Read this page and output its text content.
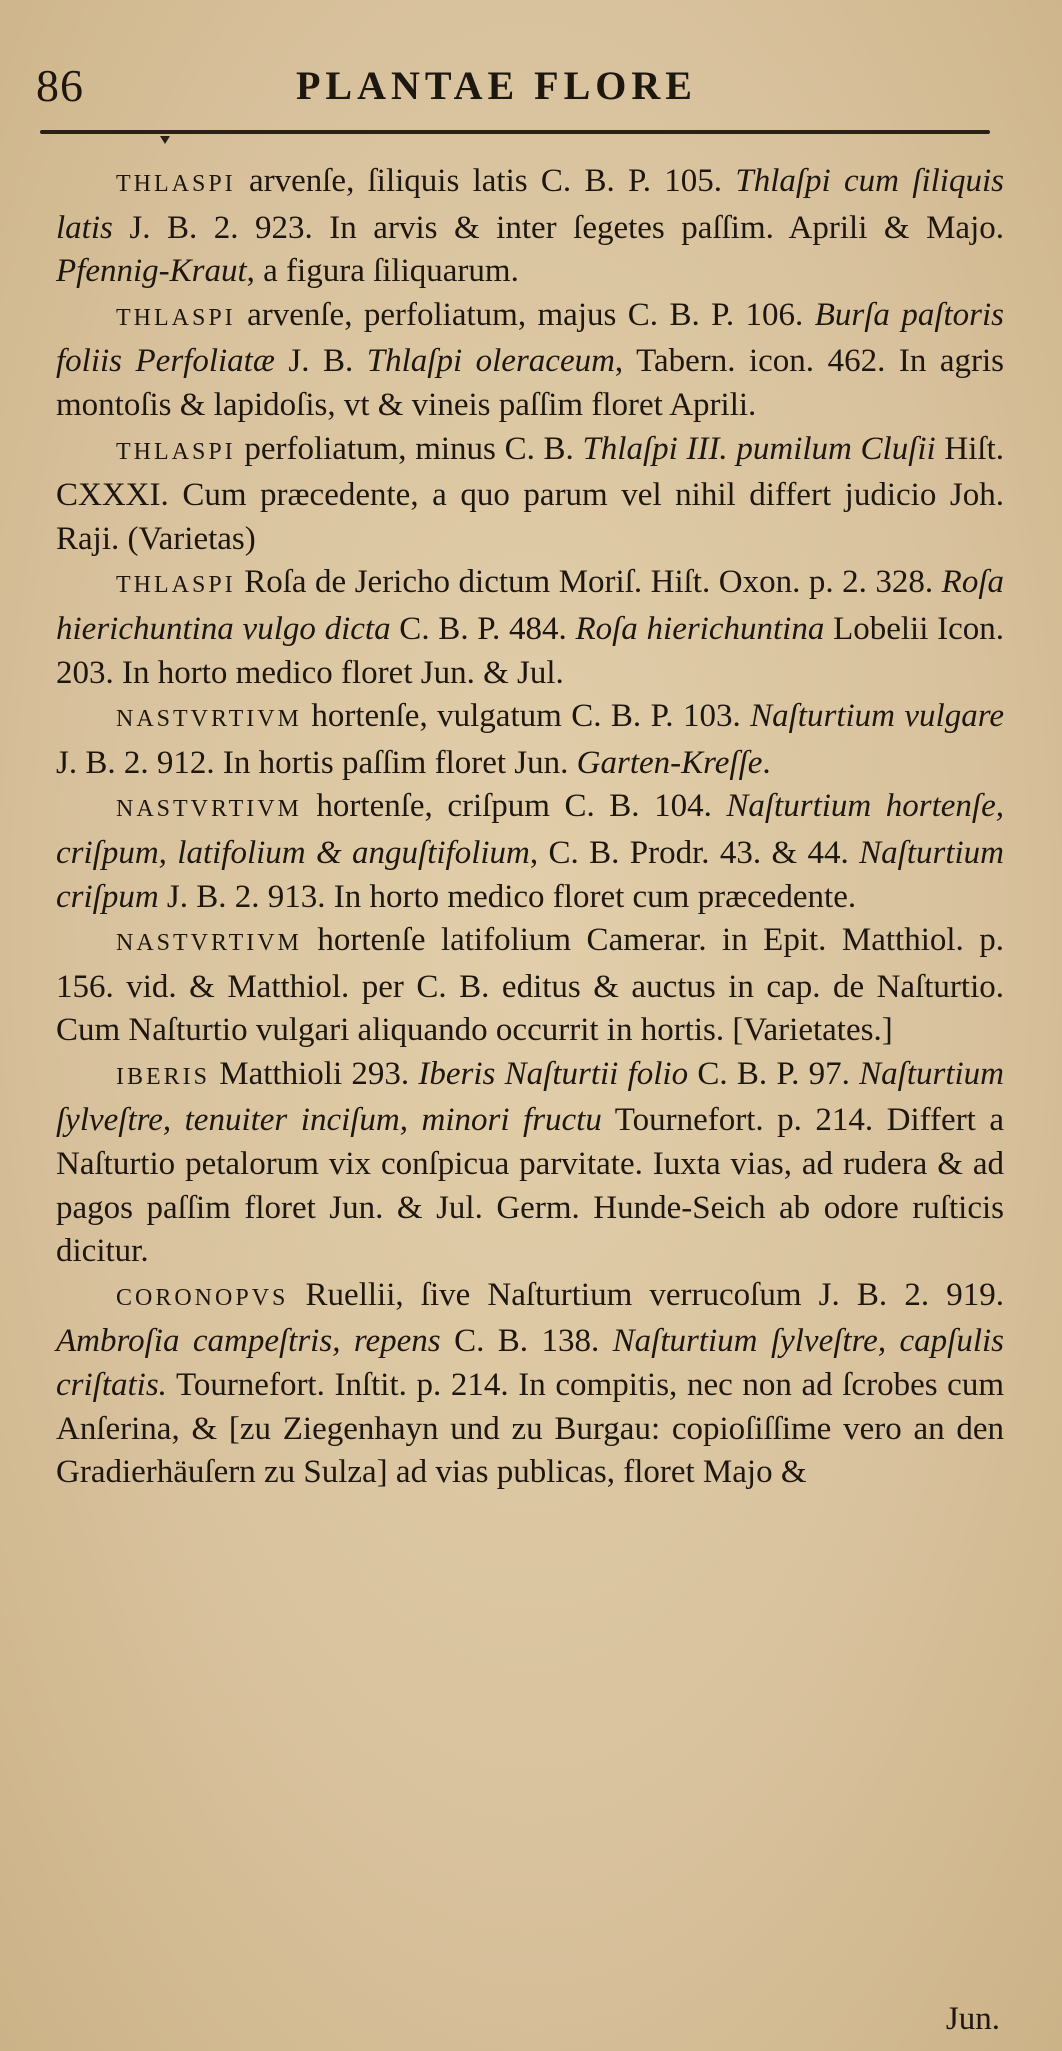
86	PLANTAE FLORE

THLASPI arvenſe, ſiliquis latis C. B. P. 105. Thlaſpi cum ſiliquis latis J. B. 2. 923. In arvis & inter ſegetes paſſim. Aprili & Majo. Pfennig-Kraut, a figura ſiliquarum.

THLASPI arvenſe, perfoliatum, majus C. B. P. 106. Burſa paſtoris foliis Perfoliatæ J. B. Thlaſpi oleraceum, Tabern. icon. 462. In agris montoſis & lapidoſis, vt & vineis paſſim floret Aprili.

THLASPI perfoliatum, minus C. B. Thlaſpi III. pumilum Cluſii Hiſt. CXXXI. Cum præcedente, a quo parum vel nihil differt judicio Joh. Raji. (Varietas)

THLASPI Roſa de Jericho dictum Moriſ. Hiſt. Oxon. p. 2. 328. Roſa hierichuntina vulgo dicta C. B. P. 484. Roſa hierichuntina Lobelii Icon. 203. In horto medico floret Jun. & Jul.

NASTVRTIVM hortenſe, vulgatum C. B. P. 103. Naſturtium vulgare J. B. 2. 912. In hortis paſſim floret Jun. Garten-Kreſſe.

NASTVRTIVM hortenſe, criſpum C. B. 104. Naſturtium hortenſe, criſpum, latifolium & anguſtifolium, C. B. Prodr. 43. & 44. Naſturtium criſpum J. B. 2. 913. In horto medico floret cum præcedente.

NASTVRTIVM hortenſe latifolium Camerar. in Epit. Matthiol. p. 156. vid. & Matthiol. per C. B. editus & auctus in cap. de Naſturtio. Cum Naſturtio vulgari aliquando occurrit in hortis. [Varietates.]

IBERIS Matthioli 293. Iberis Naſturtii folio C. B. P. 97. Naſturtium ſylveſtre, tenuiter inciſum, minori fructu Tournefort. p. 214. Differt a Naſturtio petalorum vix conſpicua parvitate. Iuxta vias, ad rudera & ad pagos paſſim floret Jun. & Jul. Germ. Hunde-Seich ab odore ruſticis dicitur.

CORONOPVS Ruellii, ſive Naſturtium verrucoſum J. B. 2. 919. Ambroſia campeſtris, repens C. B. 138. Naſturtium ſylveſtre, capſulis criſtatis. Tournefort. Inſtit. p. 214. In compitis, nec non ad ſcrobes cum Anſerina, & [zu Ziegenhayn und zu Burgau: copioſiſſime vero an den Gradierhäuſern zu Sulza] ad vias publicas, floret Majo &

Jun.
